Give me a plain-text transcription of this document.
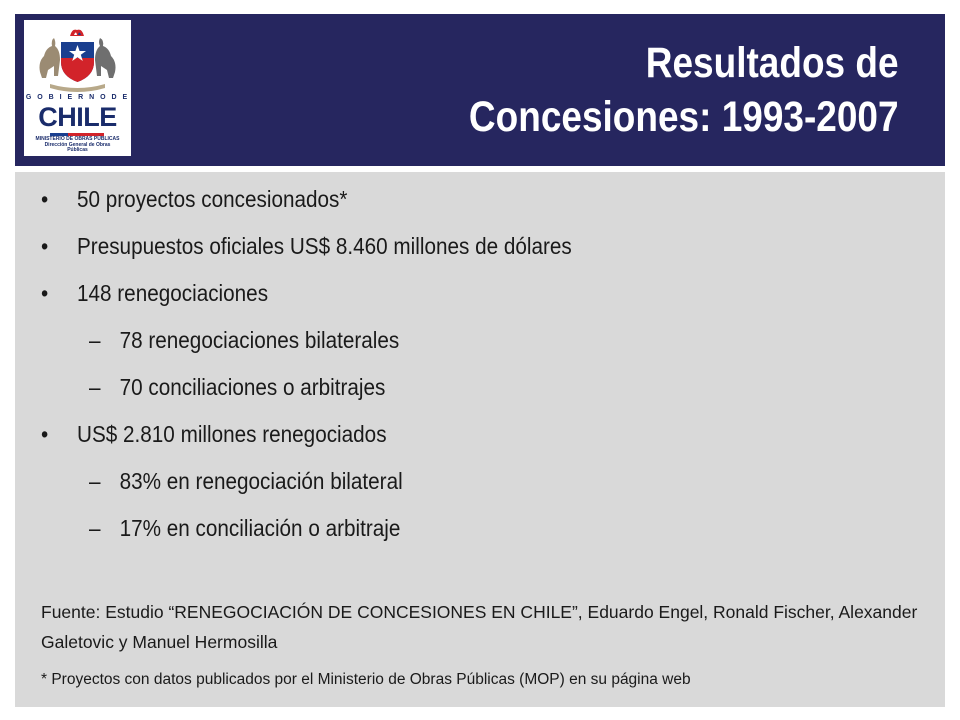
G O B I E R N O D E
CHILE
MINISTERIO DE OBRAS PÚBLICAS
Dirección General de Obras
Públicas
Resultados de
Concesiones: 1993-2007
• 50 proyectos concesionados*
• Presupuestos oficiales US$ 8.460 millones de dólares
• 148 renegociaciones
– 78 renegociaciones bilaterales
– 70 conciliaciones o arbitrajes
• US$ 2.810 millones renegociados
– 83% en renegociación bilateral
– 17% en conciliación o arbitraje
Fuente: Estudio “RENEGOCIACIÓN DE CONCESIONES EN CHILE”, Eduardo Engel, Ronald Fischer, Alexander Galetovic y Manuel Hermosilla
* Proyectos con datos publicados por el Ministerio de Obras Públicas (MOP) en su página web
